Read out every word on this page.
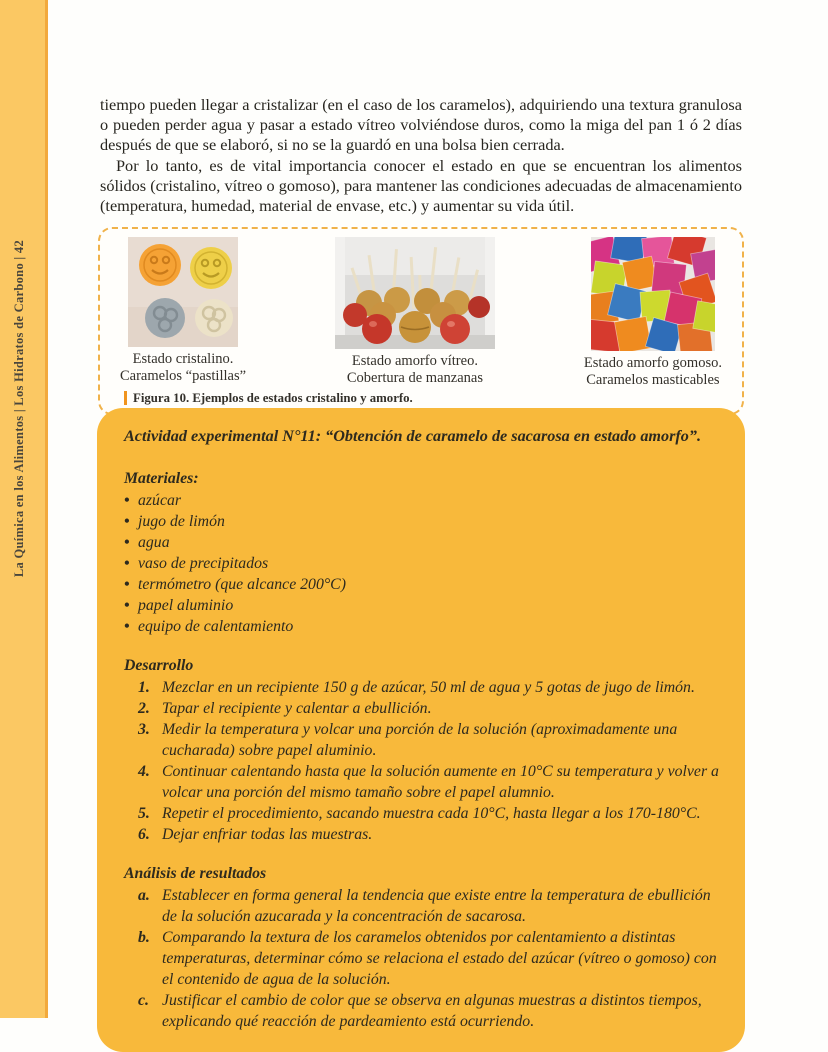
La Química en los Alimentos | Los Hidratos de Carbono | 42

tiempo pueden llegar a cristalizar (en el caso de los caramelos), adquiriendo una textura granulosa o pueden perder agua y pasar a estado vítreo volviéndose duros, como la miga del pan 1 ó 2 días después de que se elaboró, si no se la guardó en una bolsa bien cerrada.

Por lo tanto, es de vital importancia conocer el estado en que se encuentran los alimentos sólidos (cristalino, vítreo o gomoso), para mantener las condiciones adecuadas de almacenamiento (temperatura, humedad, material de envase, etc.) y aumentar su vida útil.

Estado cristalino.
Caramelos “pastillas”
Estado amorfo vítreo.
Cobertura de manzanas
Estado amorfo gomoso.
Caramelos masticables
Figura 10. Ejemplos de estados cristalino y amorfo.

Actividad experimental N°11: “Obtención de caramelo de sacarosa en estado amorfo”.

Materiales:

• azúcar
• jugo de limón
• agua
• vaso de precipitados
• termómetro (que alcance 200°C)
• papel aluminio
• equipo de calentamiento

Desarrollo

1. Mezclar en un recipiente 150 g de azúcar, 50 ml de agua y 5 gotas de jugo de limón.
2. Tapar el recipiente y calentar a ebullición.
3. Medir la temperatura y volcar una porción de la solución (aproximadamente una cucharada) sobre papel aluminio.
4. Continuar calentando hasta que la solución aumente en 10°C su temperatura y volver a volcar una porción del mismo tamaño sobre el papel alumnio.
5. Repetir el procedimiento, sacando muestra cada 10°C, hasta llegar a los 170-180°C.
6. Dejar enfriar todas las muestras.

Análisis de resultados

a. Establecer en forma general la tendencia que existe entre la temperatura de ebullición de la solución azucarada y la concentración de sacarosa.
b. Comparando la textura de los caramelos obtenidos por calentamiento a distintas temperaturas, determinar cómo se relaciona el estado del azúcar (vítreo o gomoso) con el contenido de agua de la solución.
c. Justificar el cambio de color que se observa en algunas muestras a distintos tiempos, explicando qué reacción de pardeamiento está ocurriendo.
